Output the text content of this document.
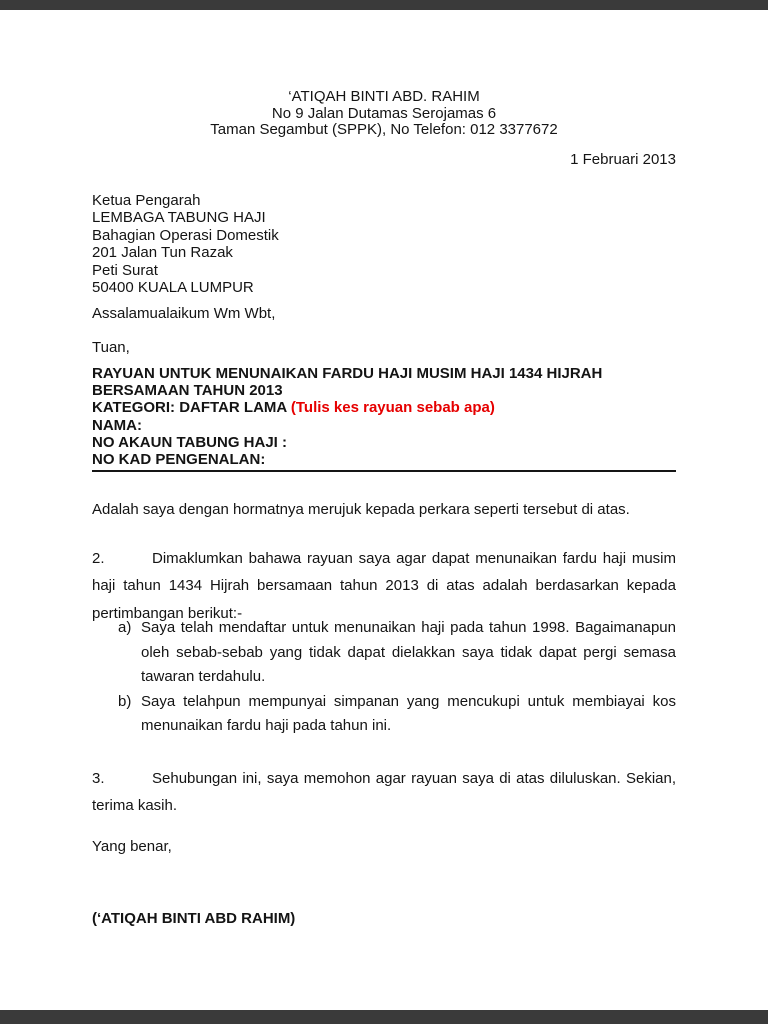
‘ATIQAH BINTI ABD. RAHIM
No 9 Jalan Dutamas Serojamas 6
Taman Segambut (SPPK), No Telefon: 012 3377672
1 Februari 2013
Ketua Pengarah
LEMBAGA TABUNG HAJI
Bahagian Operasi Domestik
201 Jalan Tun Razak
Peti Surat
50400 KUALA LUMPUR
Assalamualaikum Wm Wbt,
Tuan,
RAYUAN UNTUK MENUNAIKAN FARDU HAJI MUSIM HAJI 1434 HIJRAH BERSAMAAN TAHUN 2013
KATEGORI: DAFTAR LAMA (Tulis kes rayuan sebab apa)
NAMA:
NO AKAUN TABUNG HAJI :
NO KAD PENGENALAN:
Adalah saya dengan hormatnya merujuk kepada perkara seperti tersebut di atas.
2.	Dimaklumkan bahawa rayuan saya agar dapat menunaikan fardu haji musim haji tahun 1434 Hijrah bersamaan tahun 2013 di atas adalah berdasarkan kepada pertimbangan berikut:-
a) Saya telah mendaftar untuk menunaikan haji pada tahun 1998. Bagaimanapun oleh sebab-sebab yang tidak dapat dielakkan saya tidak dapat pergi semasa tawaran terdahulu.
b) Saya telahpun mempunyai simpanan yang mencukupi untuk membiayai kos menunaikan fardu haji pada tahun ini.
3.	Sehubungan ini, saya memohon agar rayuan saya di atas diluluskan. Sekian, terima kasih.
Yang benar,
(‘ATIQAH BINTI ABD RAHIM)
